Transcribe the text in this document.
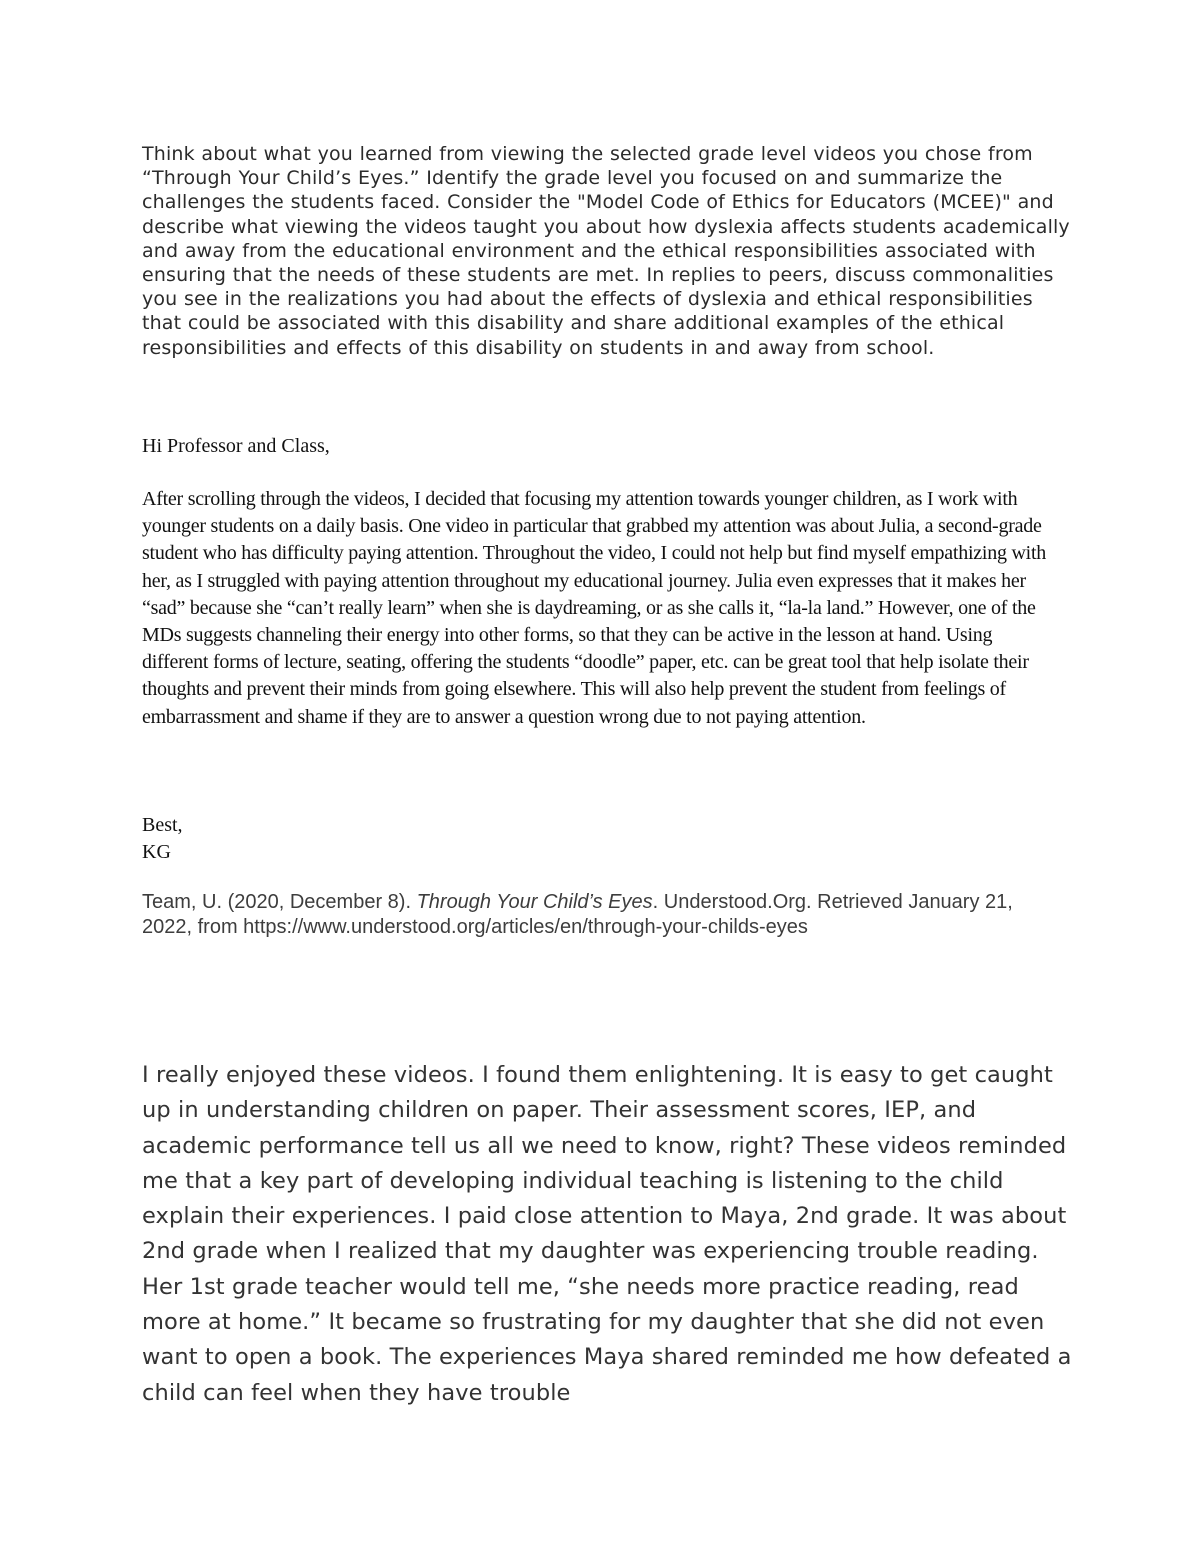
Think about what you learned from viewing the selected grade level videos you chose from “Through Your Child’s Eyes.” Identify the grade level you focused on and summarize the challenges the students faced. Consider the "Model Code of Ethics for Educators (MCEE)" and describe what viewing the videos taught you about how dyslexia affects students academically and away from the educational environment and the ethical responsibilities associated with ensuring that the needs of these students are met. In replies to peers, discuss commonalities you see in the realizations you had about the effects of dyslexia and ethical responsibilities that could be associated with this disability and share additional examples of the ethical responsibilities and effects of this disability on students in and away from school.

Hi Professor and Class,

After scrolling through the videos, I decided that focusing my attention towards younger children, as I work with younger students on a daily basis. One video in particular that grabbed my attention was about Julia, a second-grade student who has difficulty paying attention. Throughout the video, I could not help but find myself empathizing with her, as I struggled with paying attention throughout my educational journey. Julia even expresses that it makes her “sad” because she “can’t really learn” when she is daydreaming, or as she calls it, “la-la land.” However, one of the MDs suggests channeling their energy into other forms, so that they can be active in the lesson at hand. Using different forms of lecture, seating, offering the students “doodle” paper, etc. can be great tool that help isolate their thoughts and prevent their minds from going elsewhere. This will also help prevent the student from feelings of embarrassment and shame if they are to answer a question wrong due to not paying attention.

Best,
KG
Team, U. (2020, December 8). Through Your Child’s Eyes. Understood.Org. Retrieved January 21, 2022, from https://www.understood.org/articles/en/through-your-childs-eyes

I really enjoyed these videos. I found them enlightening. It is easy to get caught up in understanding children on paper. Their assessment scores, IEP, and academic performance tell us all we need to know, right? These videos reminded me that a key part of developing individual teaching is listening to the child explain their experiences. I paid close attention to Maya, 2nd grade. It was about 2nd grade when I realized that my daughter was experiencing trouble reading. Her 1st grade teacher would tell me, “she needs more practice reading, read more at home.” It became so frustrating for my daughter that she did not even want to open a book. The experiences Maya shared reminded me how defeated a child can feel when they have trouble
